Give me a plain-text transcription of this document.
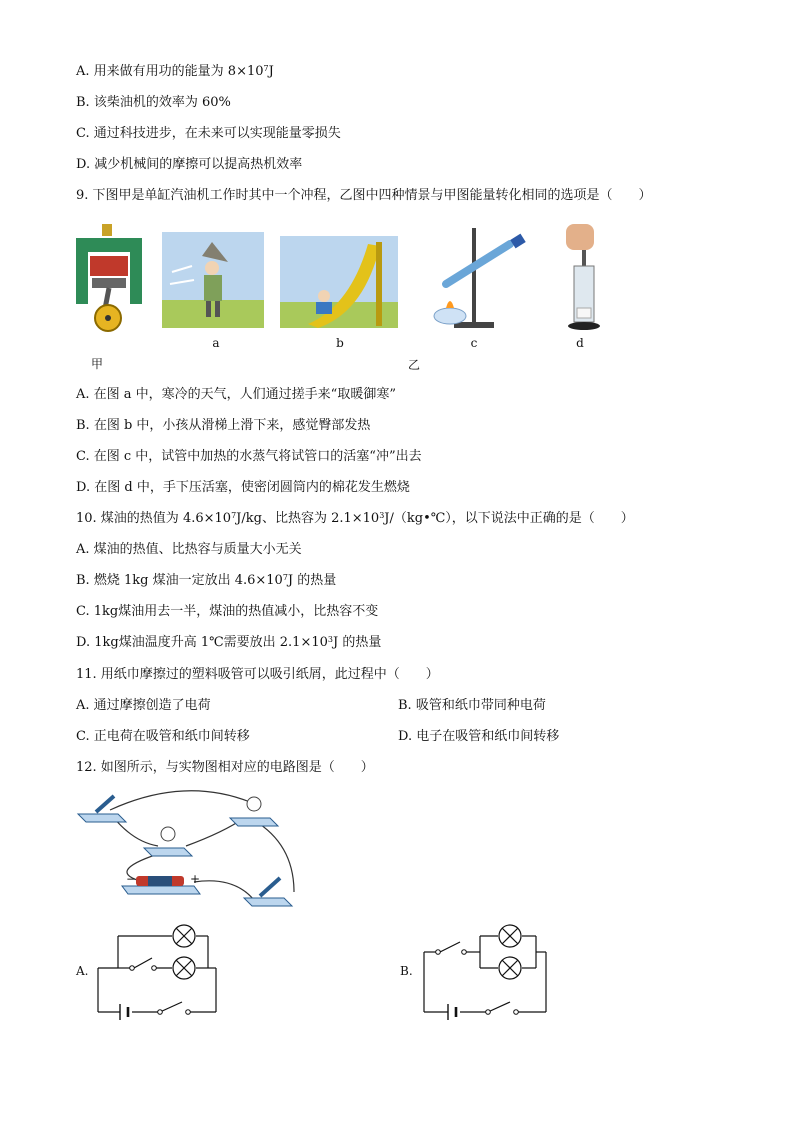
A. 用来做有用功的能量为 $8\times 10^7J$
B. 该柴油机的效率为 60%
C. 通过科技进步，在未来可以实现能量零损失
D. 减少机械间的摩擦可以提高热机效率
9. 下图甲是单缸汽油机工作时其中一个冲程，乙图中四种情景与甲图能量转化相同的选项是（　　）
甲
a	b
乙
c	d
A. 在图 a 中，寒冷的天气，人们通过搓手来“取暖御寒”
B. 在图 b 中，小孩从滑梯上滑下来，感觉臀部发热
C. 在图 c 中，试管中加热的水蒸气将试管口的活塞“冲”出去
D. 在图 d 中，手下压活塞，使密闭圆筒内的棉花发生燃烧
10. 煤油的热值为 $4.6\times 10^7J/kg$、比热容为 $2.1\times 10^3J/(kg•℃)$，以下说法中正确的是（　　）
A. 煤油的热值、比热容与质量大小无关
B. 燃烧 1kg 煤油一定放出 $4.6\times 10^7J$ 的热量
C. 1kg煤油用去一半，煤油的热值减小，比热容不变
D. 1kg煤油温度升高 1℃需要放出 $2.1\times 10^3J$ 的热量
11. 用纸巾摩擦过的塑料吸管可以吸引纸屑，此过程中（　　）
A. 通过摩擦创造了电荷	B. 吸管和纸巾带同种电荷
C. 正电荷在吸管和纸巾间转移	D. 电子在吸管和纸巾间转移
12. 如图所示，与实物图相对应的电路图是（　　）
−	+
A.	B.
